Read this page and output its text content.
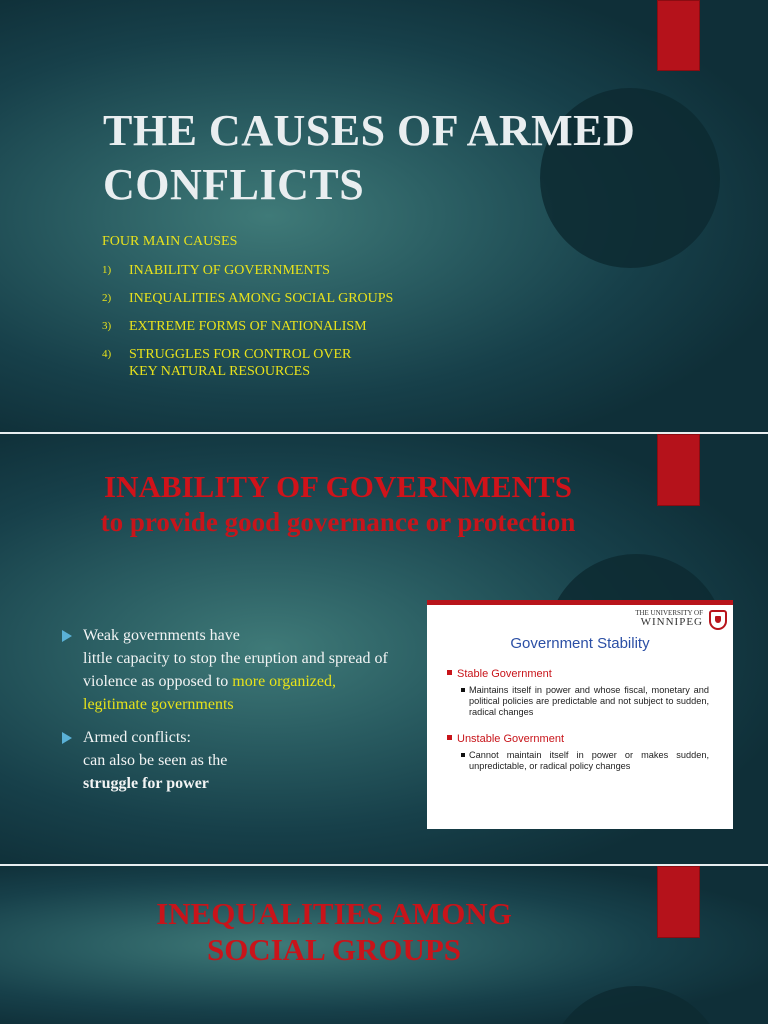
THE CAUSES OF ARMED CONFLICTS

FOUR MAIN CAUSES

1)	INABILITY OF GOVERNMENTS
2)	INEQUALITIES AMONG SOCIAL GROUPS
3)	EXTREME FORMS OF NATIONALISM
4)	STRUGGLES FOR CONTROL OVER
KEY NATURAL RESOURCES
INABILITY OF GOVERNMENTS
to provide good governance or protection
Weak governments have
little capacity to stop the eruption and spread of violence as opposed to more organized, legitimate governments
Armed conflicts:
can also be seen as the
struggle for power
THE UNIVERSITY OF
WINNIPEG

Government Stability

Stable Government

Maintains itself in power and whose fiscal, monetary and political policies are predictable and not subject to sudden, radical changes

Unstable Government

Cannot maintain itself in power or makes sudden, unpredictable, or radical policy changes

INEQUALITIES AMONG SOCIAL GROUPS
